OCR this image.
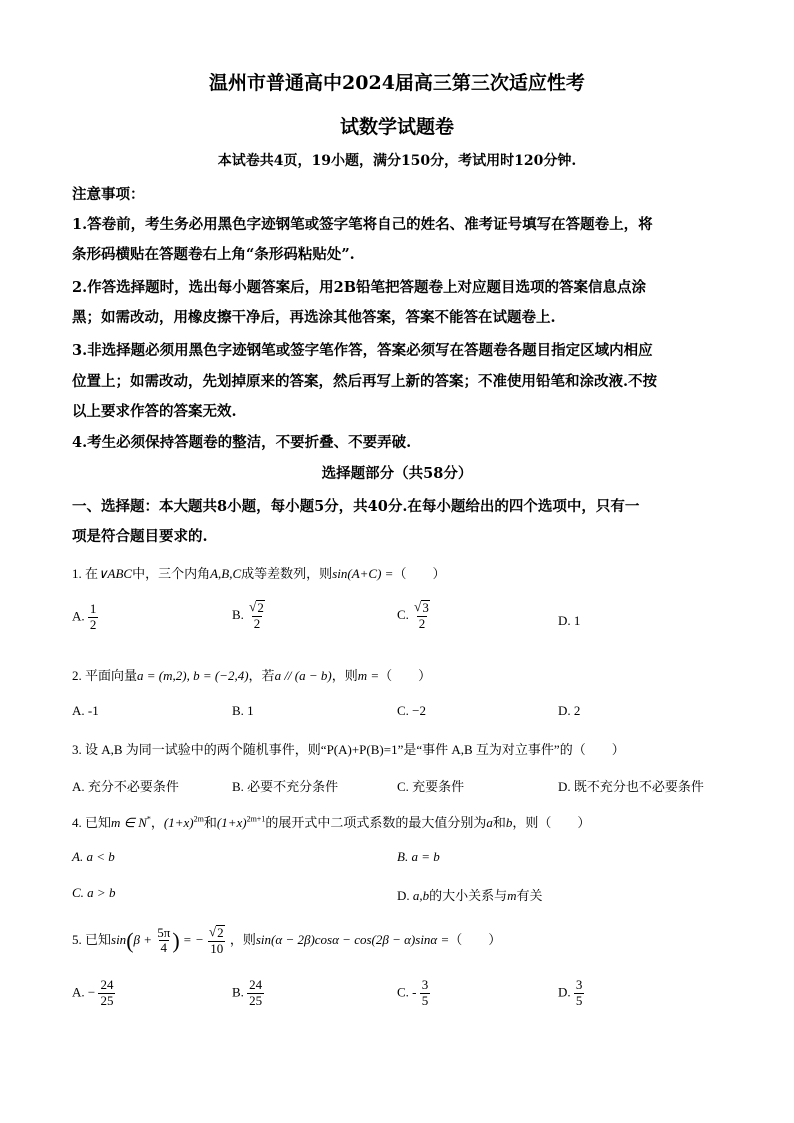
温州市普通高中2024届高三第三次适应性考
试数学试题卷
本试卷共4页，19小题，满分150分，考试用时120分钟.
注意事项：
1.答卷前，考生务必用黑色字迹钢笔或签字笔将自己的姓名、准考证号填写在答题卷上，将
条形码横贴在答题卷右上角“条形码粘贴处”.
2.作答选择题时，选出每小题答案后，用2B铅笔把答题卷上对应题目选项的答案信息点涂
黑；如需改动，用橡皮擦干净后，再选涂其他答案，答案不能答在试题卷上.
3.非选择题必须用黑色字迹钢笔或签字笔作答，答案必须写在答题卷各题目指定区域内相应
位置上；如需改动，先划掉原来的答案，然后再写上新的答案；不准使用铅笔和涂改液.不按
以上要求作答的答案无效.
4.考生必须保持答题卷的整洁，不要折叠、不要弄破.
选择题部分（共58分）
一、选择题：本大题共8小题，每小题5分，共40分.在每小题给出的四个选项中，只有一
项是符合题目要求的.
1. 在∨ABC中，三个内角A,B,C成等差数列，则sin(A+C) =（　　）
A. $\frac{1}{2}$	B. $\frac{√ 2}{2}$	C. $\frac{√ 3}{2}$	D. 1
2. 平面向量a = (m,2), b = (−2,4)，若a // (a − b)，则m =（　　）
A. -1	B. 1	C. −2	D. 2
3. 设 A,B 为同一试验中的两个随机事件，则“P(A)+P(B)=1”是“事件 A,B 互为对立事件”的（　　）
A. 充分不必要条件	B. 必要不充分条件	C. 充要条件	D. 既不充分也不必要条件
4. 已知m ∈ N*，$(1+x)^{2m}$和$(1+x)^{2m+1}$的展开式中二项式系数的最大值分别为a和b，则（　　）
A. a < b	B. a = b
C. a > b	D. a,b的大小关系与m有关
5. 已知$\sin(\beta + \frac{5\pi}{4}$ ) = − $\frac{√ 2}{10}$ ，则sin(α − 2β)cosα − cos(2β − α)sinα =（　　）
A. − $\frac{24}{25}$	B. $\frac{24}{25}$	C. - $\frac{3}{5}$	D. $\frac{3}{5}$
